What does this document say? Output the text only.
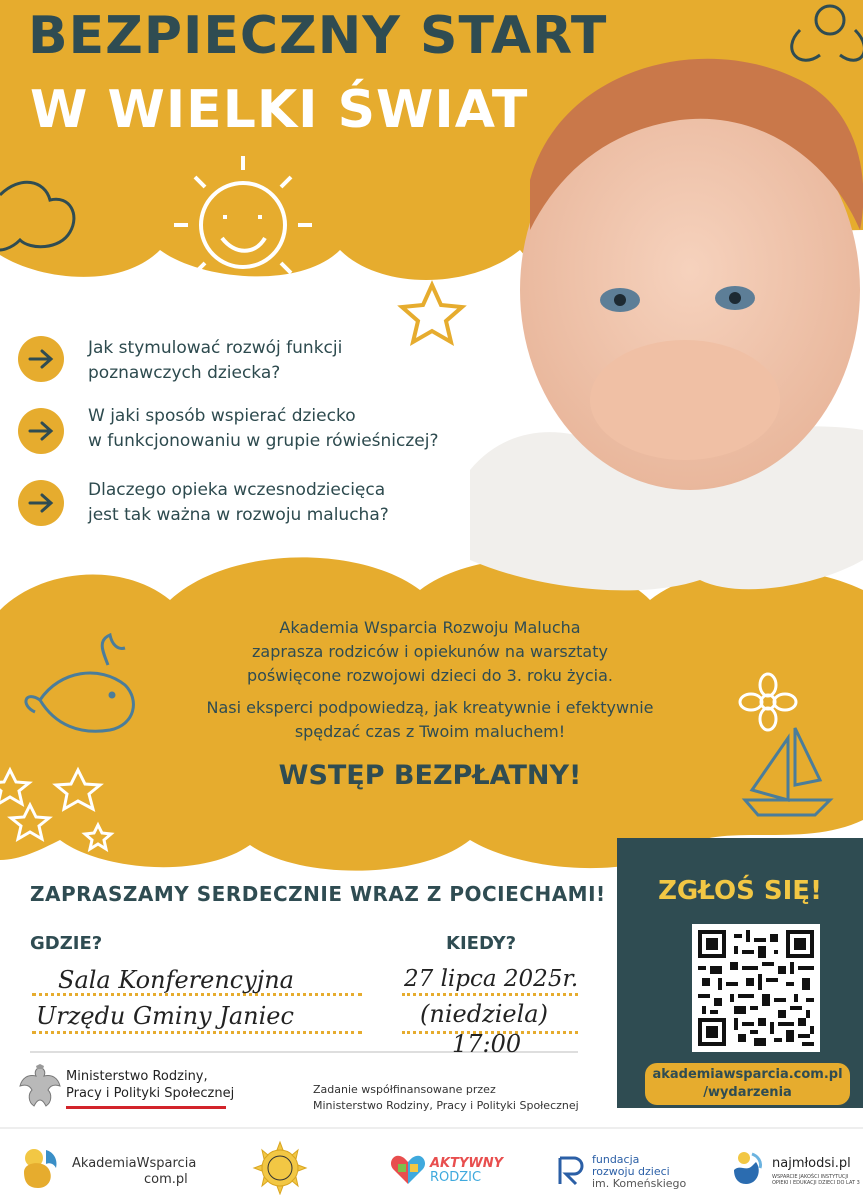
BEZPIECZNY START
W WIELKI ŚWIAT
Jak stymulować rozwój funkcji
poznawczych dziecka?
W jaki sposób wspierać dziecko
w funkcjonowaniu w grupie rówieśniczej?
Dlaczego opieka wczesnodziecięca
jest tak ważna w rozwoju malucha?
Akademia Wsparcia Rozwoju Malucha
zaprasza rodziców i opiekunów na warsztaty
poświęcone rozwojowi dzieci do 3. roku życia.
Nasi eksperci podpowiedzą, jak kreatywnie i efektywnie
spędzać czas z Twoim maluchem!
WSTĘP BEZPŁATNY!
ZAPRASZAMY SERDECZNIE WRAZ Z POCIECHAMI!
GDZIE?
Sala Konferencyjna
Urzędu Gminy Janiec
KIEDY?
27 lipca 2025r.
(niedziela)
17:00
ZGŁOŚ SIĘ!
akademiawsparcia.com.pl
/wydarzenia
Ministerstwo Rodziny,
Pracy i Polityki Społecznej	Zadanie współfinansowane przez
Ministerstwo Rodziny, Pracy i Polityki Społecznej
AkademiaWsparcia
com.pl
AKTYWNY
RODZIC
fundacja
rozwoju dzieci
im. Komeńskiego
najmłodsi.pl
WSPARCIE JAKOŚCI INSTYTUCJI
OPIEKI I EDUKACJI DZIECI DO LAT 3
